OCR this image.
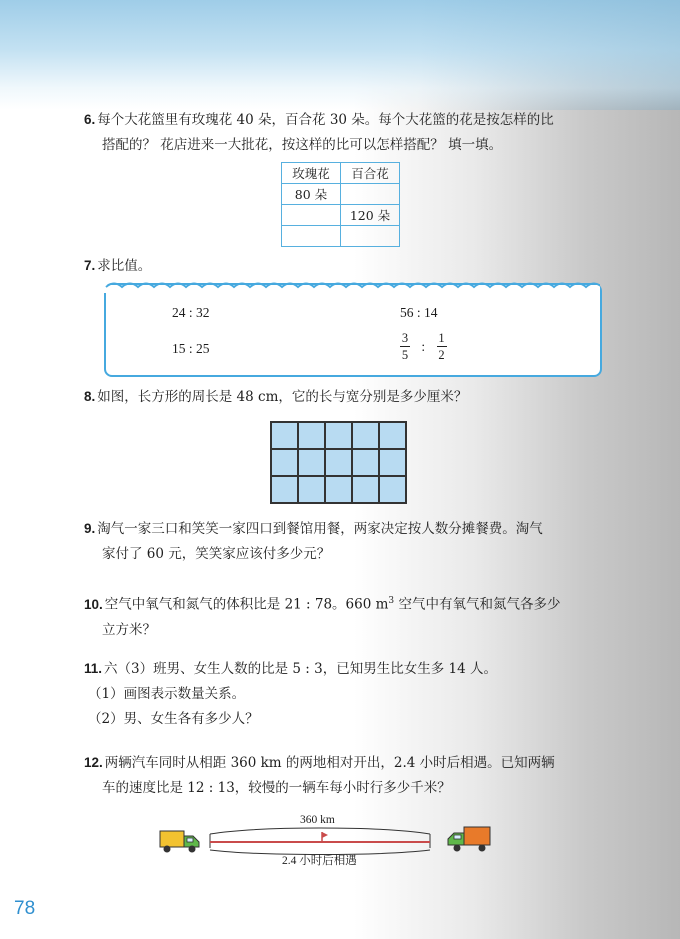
6. 每个大花篮里有玫瑰花 40 朵，百合花 30 朵。每个大花篮的花是按怎样的比
搭配的？ 花店进来一大批花，按这样的比可以怎样搭配？ 填一填。
玫瑰花	百合花
80 朵	
	120 朵

7. 求比值。
24 : 32	56 : 14
15 : 25	$\frac{3}{5}$ : $\frac{1}{2}$
8. 如图，长方形的周长是 48 cm，它的长与宽分别是多少厘米？
9. 淘气一家三口和笑笑一家四口到餐馆用餐，两家决定按人数分摊餐费。淘气
家付了 60 元，笑笑家应该付多少元？
10. 空气中氧气和氮气的体积比是 21 : 78。660 $m^3$ 空气中有氧气和氮气各多少
立方米？
11. 六（3）班男、女生人数的比是 5 : 3，已知男生比女生多 14 人。

（1）画图表示数量关系。
（2）男、女生各有多少人？
12. 两辆汽车同时从相距 360 km 的两地相对开出，2.4 小时后相遇。已知两辆
车的速度比是 12 : 13，较慢的一辆车每小时行多少千米？
360 km
2.4 小时后相遇
78
